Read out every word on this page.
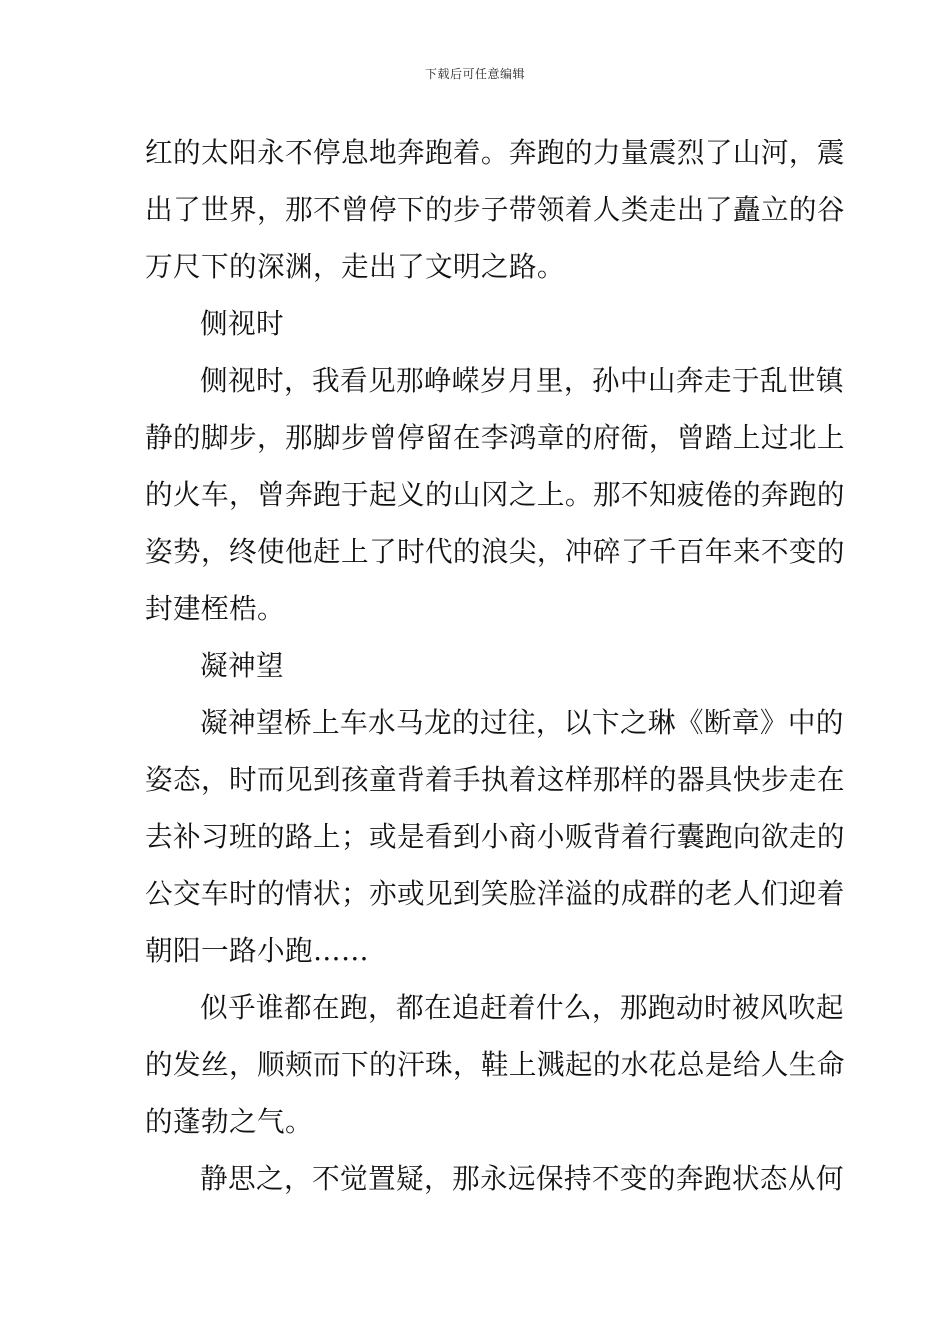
下载后可任意编辑
红的太阳永不停息地奔跑着。奔跑的力量震烈了山河，震
出了世界，那不曾停下的步子带领着人类走出了矗立的谷
万尺下的深渊，走出了文明之路。
侧视时
侧视时，我看见那峥嵘岁月里，孙中山奔走于乱世镇
静的脚步，那脚步曾停留在李鸿章的府衙，曾踏上过北上
的火车，曾奔跑于起义的山冈之上。那不知疲倦的奔跑的
姿势，终使他赶上了时代的浪尖，冲碎了千百年来不变的
封建桎梏。
凝神望
凝神望桥上车水马龙的过往，以卞之琳《断章》中的
姿态，时而见到孩童背着手执着这样那样的器具快步走在
去补习班的路上；或是看到小商小贩背着行囊跑向欲走的
公交车时的情状；亦或见到笑脸洋溢的成群的老人们迎着
朝阳一路小跑……
似乎谁都在跑，都在追赶着什么，那跑动时被风吹起
的发丝，顺颊而下的汗珠，鞋上溅起的水花总是给人生命
的蓬勃之气。
静思之，不觉置疑，那永远保持不变的奔跑状态从何
